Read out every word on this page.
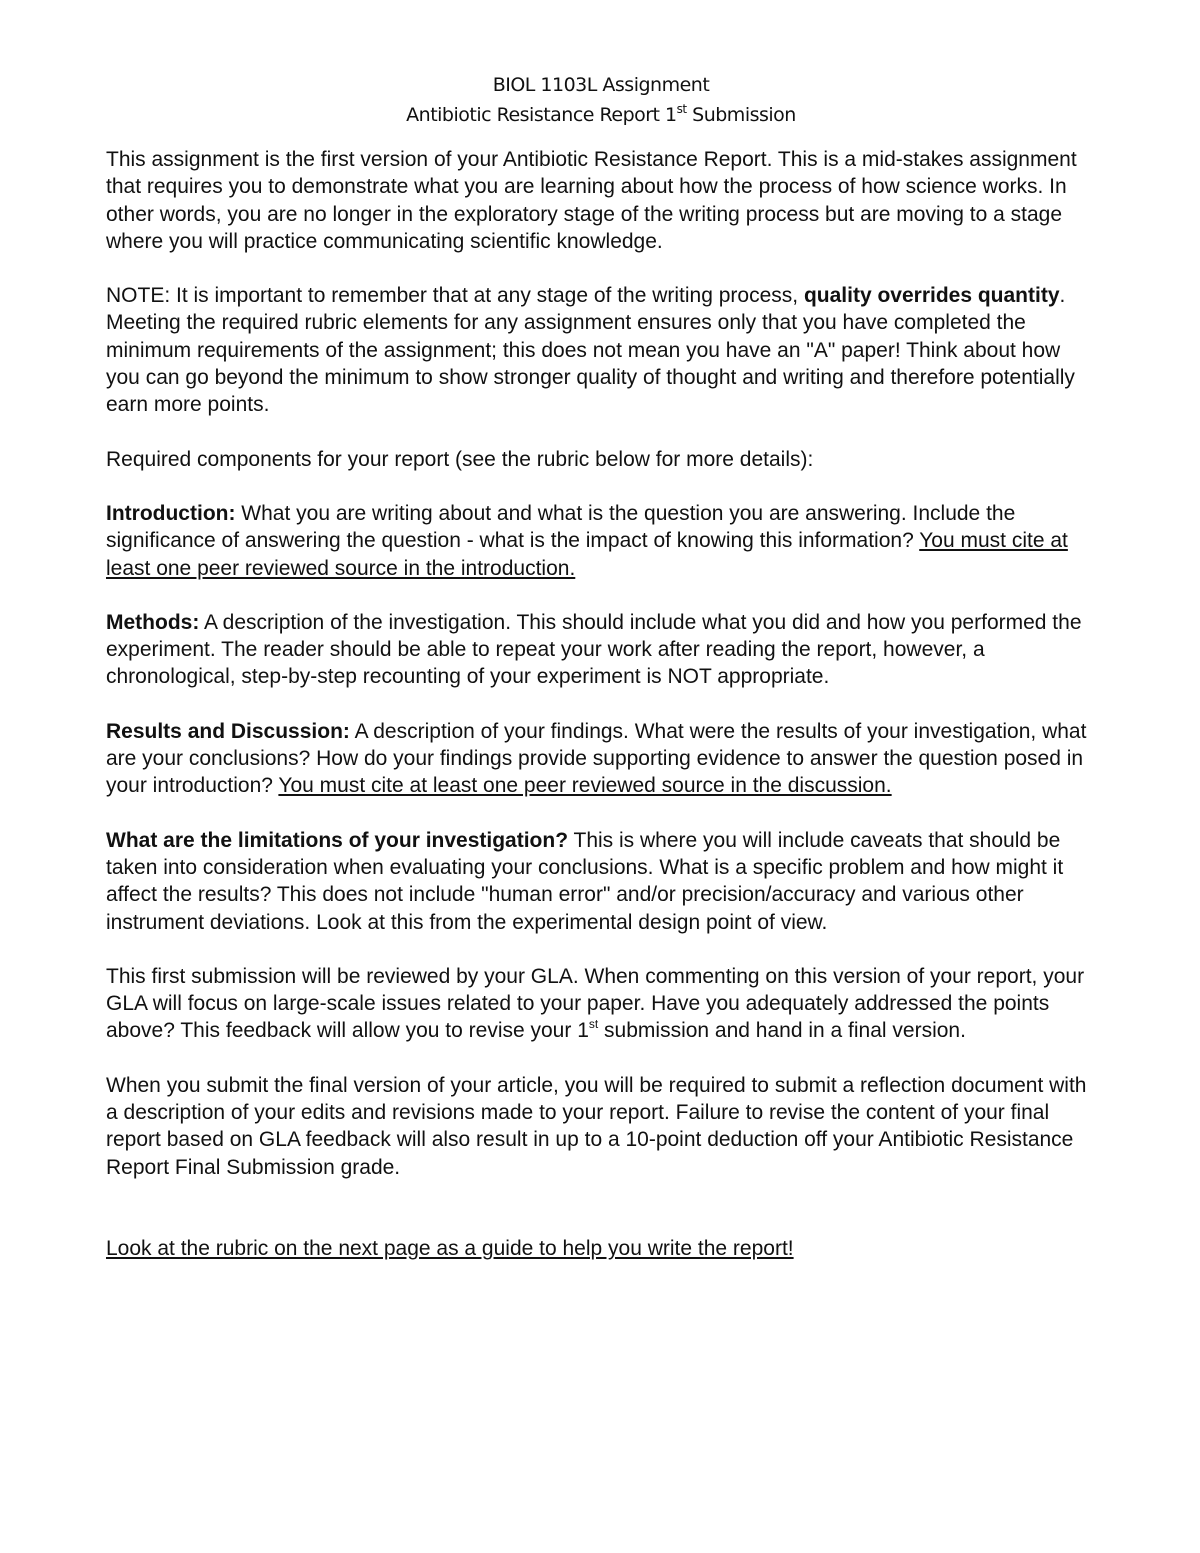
BIOL 1103L Assignment
Antibiotic Resistance Report 1st Submission

This assignment is the first version of your Antibiotic Resistance Report. This is a mid-stakes assignment that requires you to demonstrate what you are learning about how the process of how science works. In other words, you are no longer in the exploratory stage of the writing process but are moving to a stage where you will practice communicating scientific knowledge.

NOTE: It is important to remember that at any stage of the writing process, quality overrides quantity. Meeting the required rubric elements for any assignment ensures only that you have completed the minimum requirements of the assignment; this does not mean you have an "A" paper! Think about how you can go beyond the minimum to show stronger quality of thought and writing and therefore potentially earn more points.

Required components for your report (see the rubric below for more details):

Introduction: What you are writing about and what is the question you are answering. Include the significance of answering the question - what is the impact of knowing this information? You must cite at least one peer reviewed source in the introduction.

Methods: A description of the investigation. This should include what you did and how you performed the experiment. The reader should be able to repeat your work after reading the report, however, a chronological, step-by-step recounting of your experiment is NOT appropriate.

Results and Discussion: A description of your findings. What were the results of your investigation, what are your conclusions? How do your findings provide supporting evidence to answer the question posed in your introduction? You must cite at least one peer reviewed source in the discussion.

What are the limitations of your investigation? This is where you will include caveats that should be taken into consideration when evaluating your conclusions. What is a specific problem and how might it affect the results? This does not include "human error" and/or precision/accuracy and various other instrument deviations. Look at this from the experimental design point of view.

This first submission will be reviewed by your GLA. When commenting on this version of your report, your GLA will focus on large-scale issues related to your paper. Have you adequately addressed the points above? This feedback will allow you to revise your 1st submission and hand in a final version.

When you submit the final version of your article, you will be required to submit a reflection document with a description of your edits and revisions made to your report. Failure to revise the content of your final report based on GLA feedback will also result in up to a 10-point deduction off your Antibiotic Resistance Report Final Submission grade.

Look at the rubric on the next page as a guide to help you write the report!
